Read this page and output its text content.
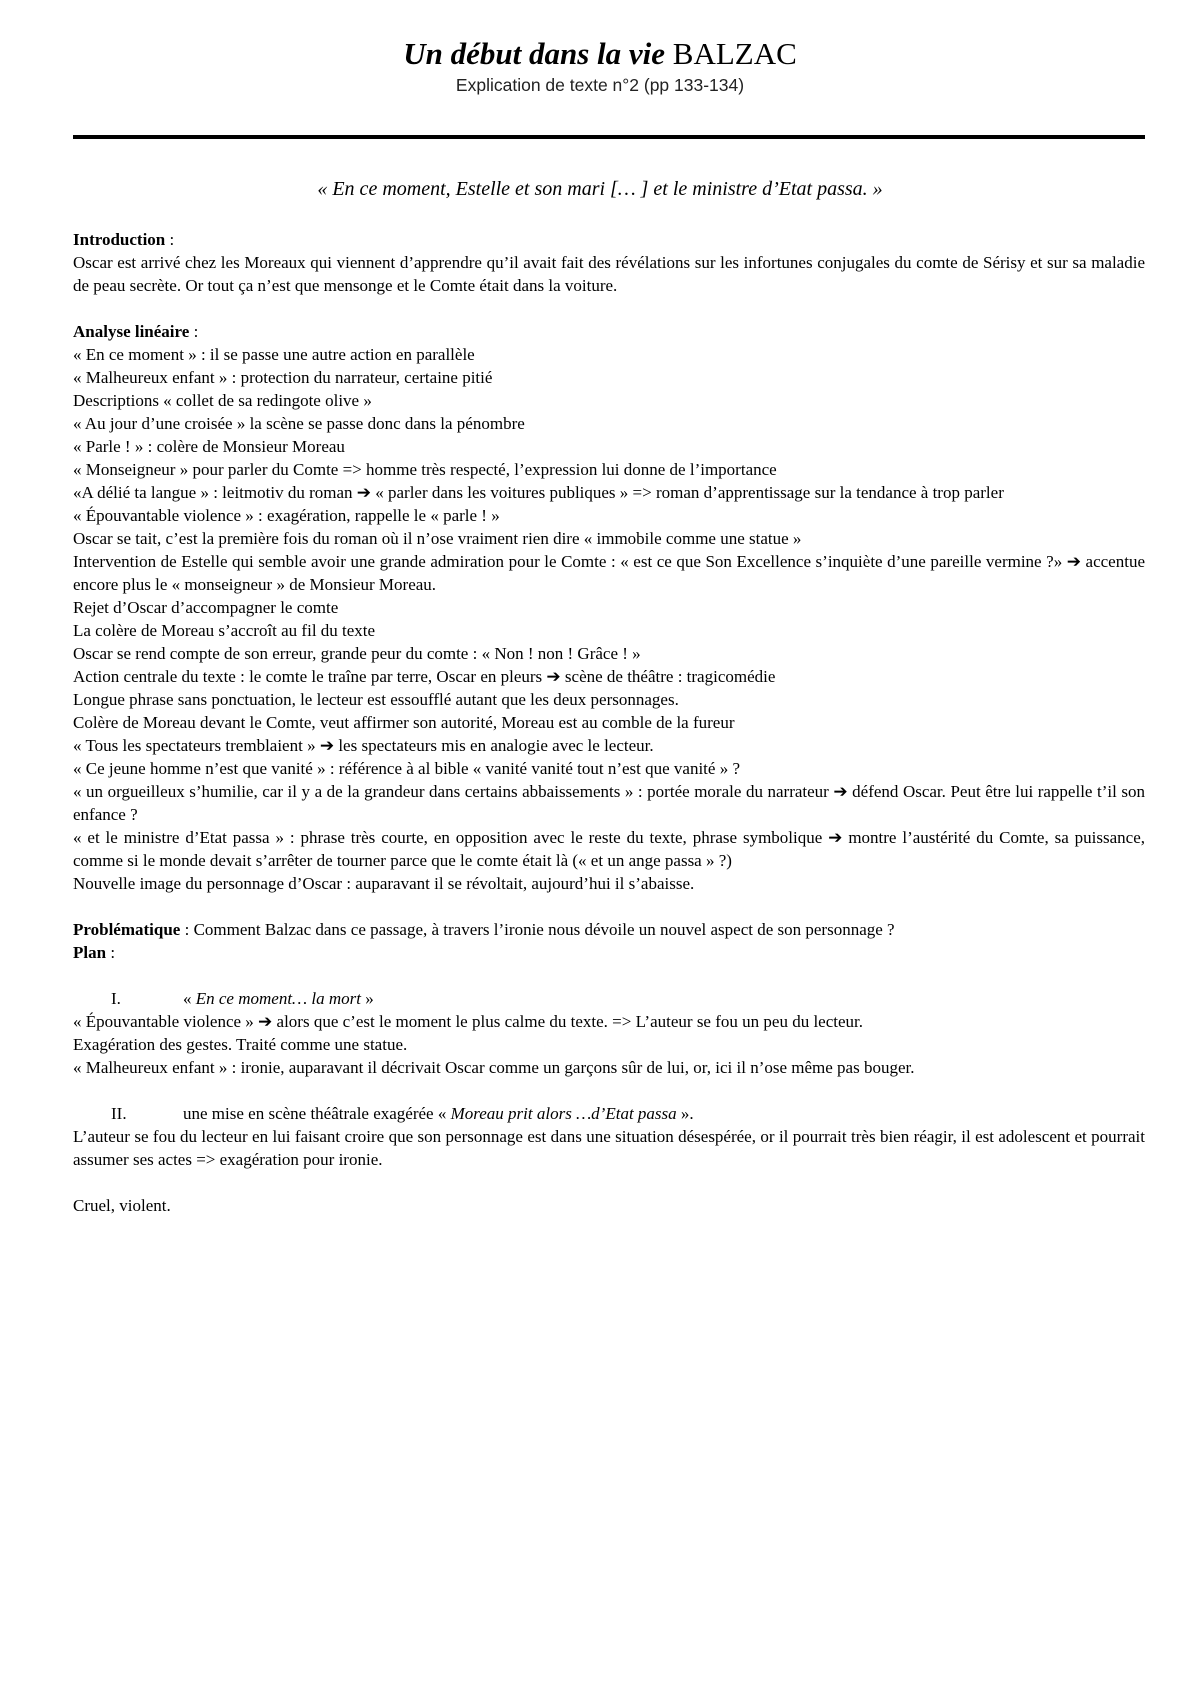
Un début dans la vie BALZAC
Explication de texte n°2 (pp 133-134)
« En ce moment, Estelle et son mari [… ] et le ministre d’Etat passa. »
Introduction :
Oscar est arrivé chez les Moreaux qui viennent d’apprendre qu’il avait fait des révélations sur les infortunes conjugales du comte de Sérisy et sur sa maladie de peau secrète. Or tout ça n’est que mensonge et le Comte était dans la voiture.
Analyse linéaire :
« En ce moment » : il se passe une autre action en parallèle
« Malheureux enfant » : protection du narrateur, certaine pitié
Descriptions « collet de sa redingote olive »
« Au jour d’une croisée » la scène se passe donc dans la pénombre
« Parle ! » : colère de Monsieur Moreau
« Monseigneur » pour parler du Comte => homme très respecté, l’expression lui donne de l’importance
«A délié ta langue » : leitmotiv du roman ➔ « parler dans les voitures publiques » => roman d’apprentissage sur la tendance à trop parler
« Épouvantable violence » : exagération, rappelle le « parle ! »
Oscar se tait, c’est la première fois du roman où il n’ose vraiment rien dire « immobile comme une statue »
Intervention de Estelle qui semble avoir une grande admiration pour le Comte : « est ce que Son Excellence s’inquiète d’une pareille vermine ?» ➔ accentue encore plus le « monseigneur » de Monsieur Moreau.
Rejet d’Oscar d’accompagner le comte
La colère de Moreau s’accroît au fil du texte
Oscar se rend compte de son erreur, grande peur du comte : « Non ! non ! Grâce ! »
Action centrale du texte : le comte le traîne par terre, Oscar en pleurs ➔ scène de théâtre : tragicomédie
Longue phrase sans ponctuation, le lecteur est essoufflé autant que les deux personnages.
Colère de Moreau devant le Comte, veut affirmer son autorité, Moreau est au comble de la fureur
« Tous les spectateurs tremblaient » ➔ les spectateurs mis en analogie avec le lecteur.
« Ce jeune homme n’est que vanité » : référence à al bible « vanité vanité tout n’est que vanité » ?
« un orgueilleux s’humilie, car il y a de la grandeur dans certains abbaissements » : portée morale du narrateur ➔ défend Oscar. Peut être lui rappelle t’il son enfance ?
« et le ministre d’Etat passa » : phrase très courte, en opposition avec le reste du texte, phrase symbolique ➔ montre l’austérité du Comte, sa puissance, comme si le monde devait s’arrêter de tourner parce que le comte était là (« et un ange passa » ?)
Nouvelle image du personnage d’Oscar : auparavant il se révoltait, aujourd’hui il s’abaisse.
Problématique : Comment Balzac dans ce passage, à travers l’ironie nous dévoile un nouvel aspect de son personnage ?
Plan :
I.	« En ce moment… la mort »
« Épouvantable violence » ➔ alors que c’est le moment le plus calme du texte. => L’auteur se fou un peu du lecteur.
Exagération des gestes. Traité comme une statue.
« Malheureux enfant » : ironie, auparavant il décrivait Oscar comme un garçons sûr de lui, or, ici il n’ose même pas bouger.
II.	une mise en scène théâtrale exagérée « Moreau prit alors …d’Etat passa ».
L’auteur se fou du lecteur en lui faisant croire que son personnage est dans une situation désespérée, or il pourrait très bien réagir, il est adolescent et pourrait assumer ses actes => exagération pour ironie.
Cruel, violent.
